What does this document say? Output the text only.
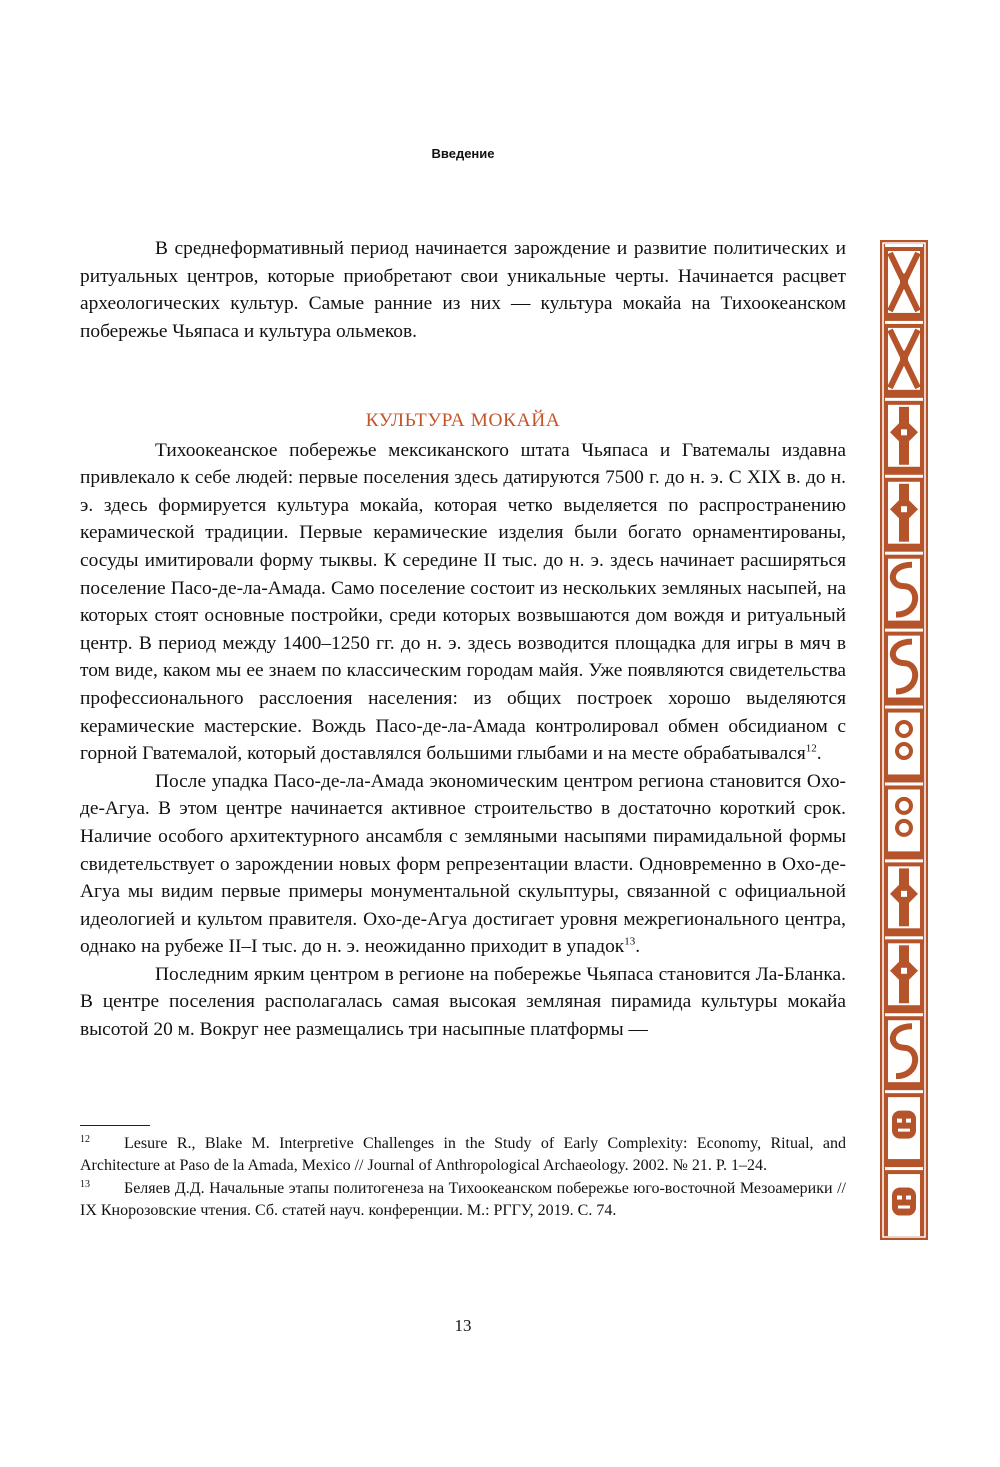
Введение

В среднеформативный период начинается зарождение и развитие политических и ритуальных центров, которые приобретают свои уникальные черты. Начинается расцвет археологических культур. Самые ранние из них — культура мокайа на Тихоокеанском побережье Чьяпаса и культура ольмеков.

КУЛЬТУРА МОКАЙА

Тихоокеанское побережье мексиканского штата Чьяпаса и Гватемалы издавна привлекало к себе людей: первые поселения здесь датируются 7500 г. до н. э. С XIX в. до н. э. здесь формируется культура мокайа, которая четко выделяется по распространению керамической традиции. Первые керамические изделия были богато орнаментированы, сосуды имитировали форму тыквы. К середине II тыс. до н. э. здесь начинает расширяться поселение Пасо-де-ла-Амада. Само поселение состоит из нескольких земляных насыпей, на которых стоят основные постройки, среди которых возвышаются дом вождя и ритуальный центр. В период между 1400–1250 гг. до н. э. здесь возводится площадка для игры в мяч в том виде, каком мы ее знаем по классическим городам майя. Уже появляются свидетельства профессионального расслоения населения: из общих построек хорошо выделяются керамические мастерские. Вождь Пасо-де-ла-Амада контролировал обмен обсидианом с горной Гватемалой, который доставлялся большими глыбами и на месте обрабатывался$^{12}$.

После упадка Пасо-де-ла-Амада экономическим центром региона становится Охо-де-Агуа. В этом центре начинается активное строительство в достаточно короткий срок. Наличие особого архитектурного ансамбля с земляными насыпями пирамидальной формы свидетельствует о зарождении новых форм репрезентации власти. Одновременно в Охо-де-Агуа мы видим первые примеры монументальной скульптуры, связанной с официальной идеологией и культом правителя. Охо-де-Агуа достигает уровня межрегионального центра, однако на рубеже II–I тыс. до н. э. неожиданно приходит в упадок$^{13}$.

Последним ярким центром в регионе на побережье Чьяпаса становится Ла-Бланка. В центре поселения располагалась самая высокая земляная пирамида культуры мокайа высотой 20 м. Вокруг нее размещались три насыпные платформы —

12 Lesure R., Blake M. Interpretive Challenges in the Study of Early Complexity: Economy, Ritual, and Architecture at Paso de la Amada, Mexico // Journal of Anthropological Archaeology. 2002. № 21. P. 1–24.

13 Беляев Д.Д. Начальные этапы политогенеза на Тихоокеанском побережье юго-восточной Мезоамерики // IX Кнорозовские чтения. Сб. статей науч. конференции. М.: РГГУ, 2019. С. 74.

13
